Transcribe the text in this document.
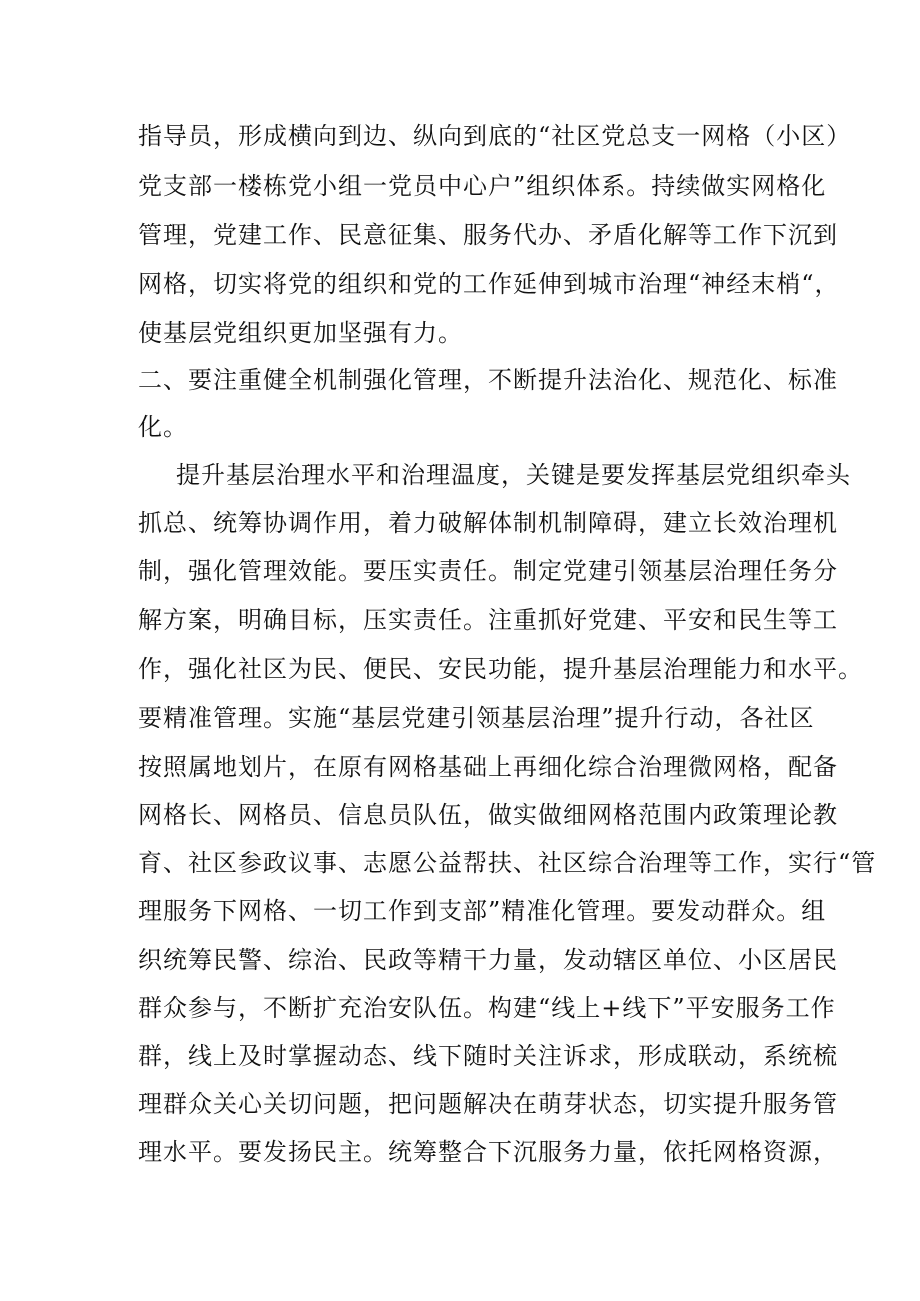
指导员，形成横向到边、纵向到底的“社区党总支一网格（小区）
党支部一楼栋党小组一党员中心户”组织体系。持续做实网格化
管理，党建工作、民意征集、服务代办、矛盾化解等工作下沉到
网格，切实将党的组织和党的工作延伸到城市治理“神经末梢“，
使基层党组织更加坚强有力。
二、要注重健全机制强化管理，不断提升法治化、规范化、标准
化。
提升基层治理水平和治理温度，关键是要发挥基层党组织牵头
抓总、统筹协调作用，着力破解体制机制障碍，建立长效治理机
制，强化管理效能。要压实责任。制定党建引领基层治理任务分
解方案，明确目标，压实责任。注重抓好党建、平安和民生等工
作，强化社区为民、便民、安民功能，提升基层治理能力和水平。
要精准管理。实施“基层党建引领基层治理”提升行动，各社区
按照属地划片，在原有网格基础上再细化综合治理微网格，配备
网格长、网格员、信息员队伍，做实做细网格范围内政策理论教
育、社区参政议事、志愿公益帮扶、社区综合治理等工作，实行“管
理服务下网格、一切工作到支部”精准化管理。要发动群众。组
织统筹民警、综治、民政等精干力量，发动辖区单位、小区居民
群众参与，不断扩充治安队伍。构建“线上+线下”平安服务工作
群，线上及时掌握动态、线下随时关注诉求，形成联动，系统梳
理群众关心关切问题，把问题解决在萌芽状态，切实提升服务管
理水平。要发扬民主。统筹整合下沉服务力量，依托网格资源，
